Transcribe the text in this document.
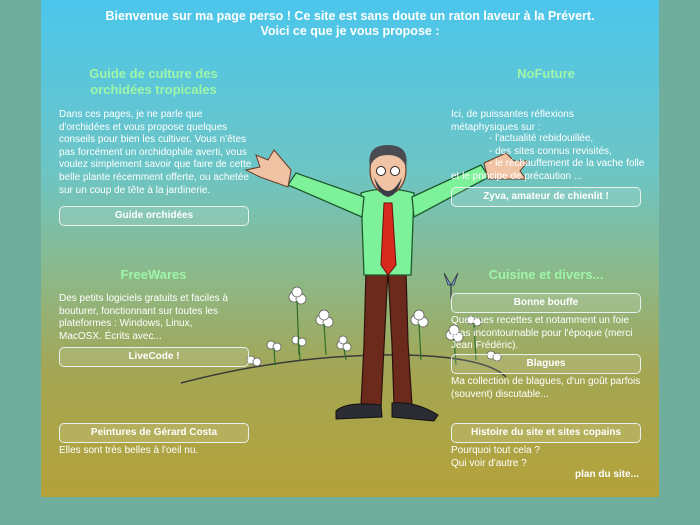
Bienvenue sur ma page perso ! Ce site est sans doute un raton laveur à la Prévert.
Voici ce que je vous propose :
Guide de culture des orchidées tropicales
Dans ces pages, je ne parle que d'orchidées et vous propose quelques conseils pour bien les cultiver. Vous n'êtes pas forcément un orchidophile averti, vous voulez simplement savoir que faire de cette belle plante récemment offerte, ou achetée sur un coup de tête à la jardinerie.
Guide orchidées
NoFuture
Ici, de puissantes réflexions métaphysiques sur :
- l'actualité rebidouillée,
- des sites connus revisités,
- le réchauffement de la vache folle
et le principe de précaution ...
Zyva, amateur de chienlit !
FreeWares
Des petits logiciels gratuits et faciles à bouturer, fonctionnant sur toutes les plateformes : Windows, Linux, MacOSX. Écrits avec...
LiveCode !
Cuisine et divers...
Bonne bouffe
Quelques recettes et notamment un foie gras incontournable pour l'époque (merci Jean Frédéric).
Blagues
Ma collection de blagues, d'un goût parfois (souvent) discutable...
Peintures de Gérard Costa
Elles sont très belles à l'oeil nu.
Histoire du site et sites copains
Pourquoi tout cela ?
Qui voir d'autre ?
plan du site...
